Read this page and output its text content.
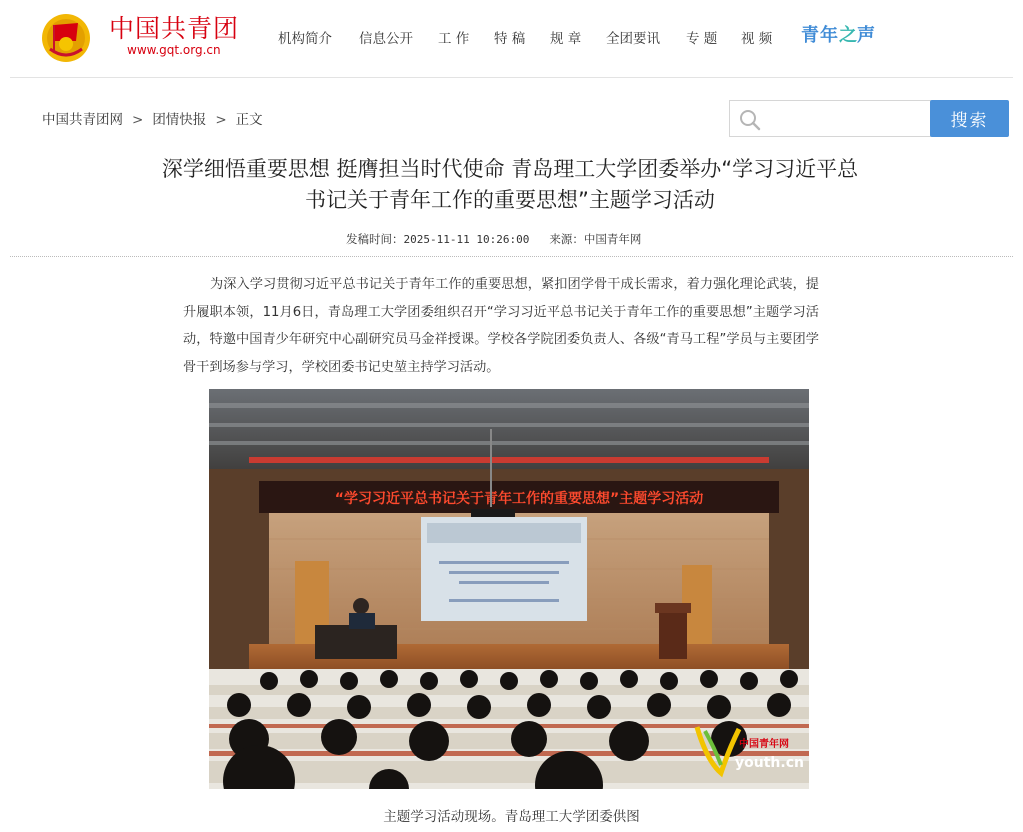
中国共青团
www.gqt.org.cn
机构简介 信息公开 工 作 特 稿 规 章 全团要讯 专 题 视 频 青年之声
中国共青团网 > 团情快报 > 正文	搜索
深学细悟重要思想 挺膺担当时代使命 青岛理工大学团委举办“学习习近平总书记关于青年工作的重要思想”主题学习活动
发稿时间：2025-11-11 10:26:00 来源：中国青年网

为深入学习贯彻习近平总书记关于青年工作的重要思想，紧扣团学骨干成长需求，着力强化理论武装，提升履职本领，11月6日，青岛理工大学团委组织召开“学习习近平总书记关于青年工作的重要思想”主题学习活动，特邀中国青少年研究中心副研究员马金祥授课。学校各学院团委负责人、各级“青马工程”学员与主要团学骨干到场参与学习，学校团委书记史堃主持学习活动。

“学习习近平总书记关于青年工作的重要思想”主题学习活动
中国青年网
youth.cn
主题学习活动现场。青岛理工大学团委供图
